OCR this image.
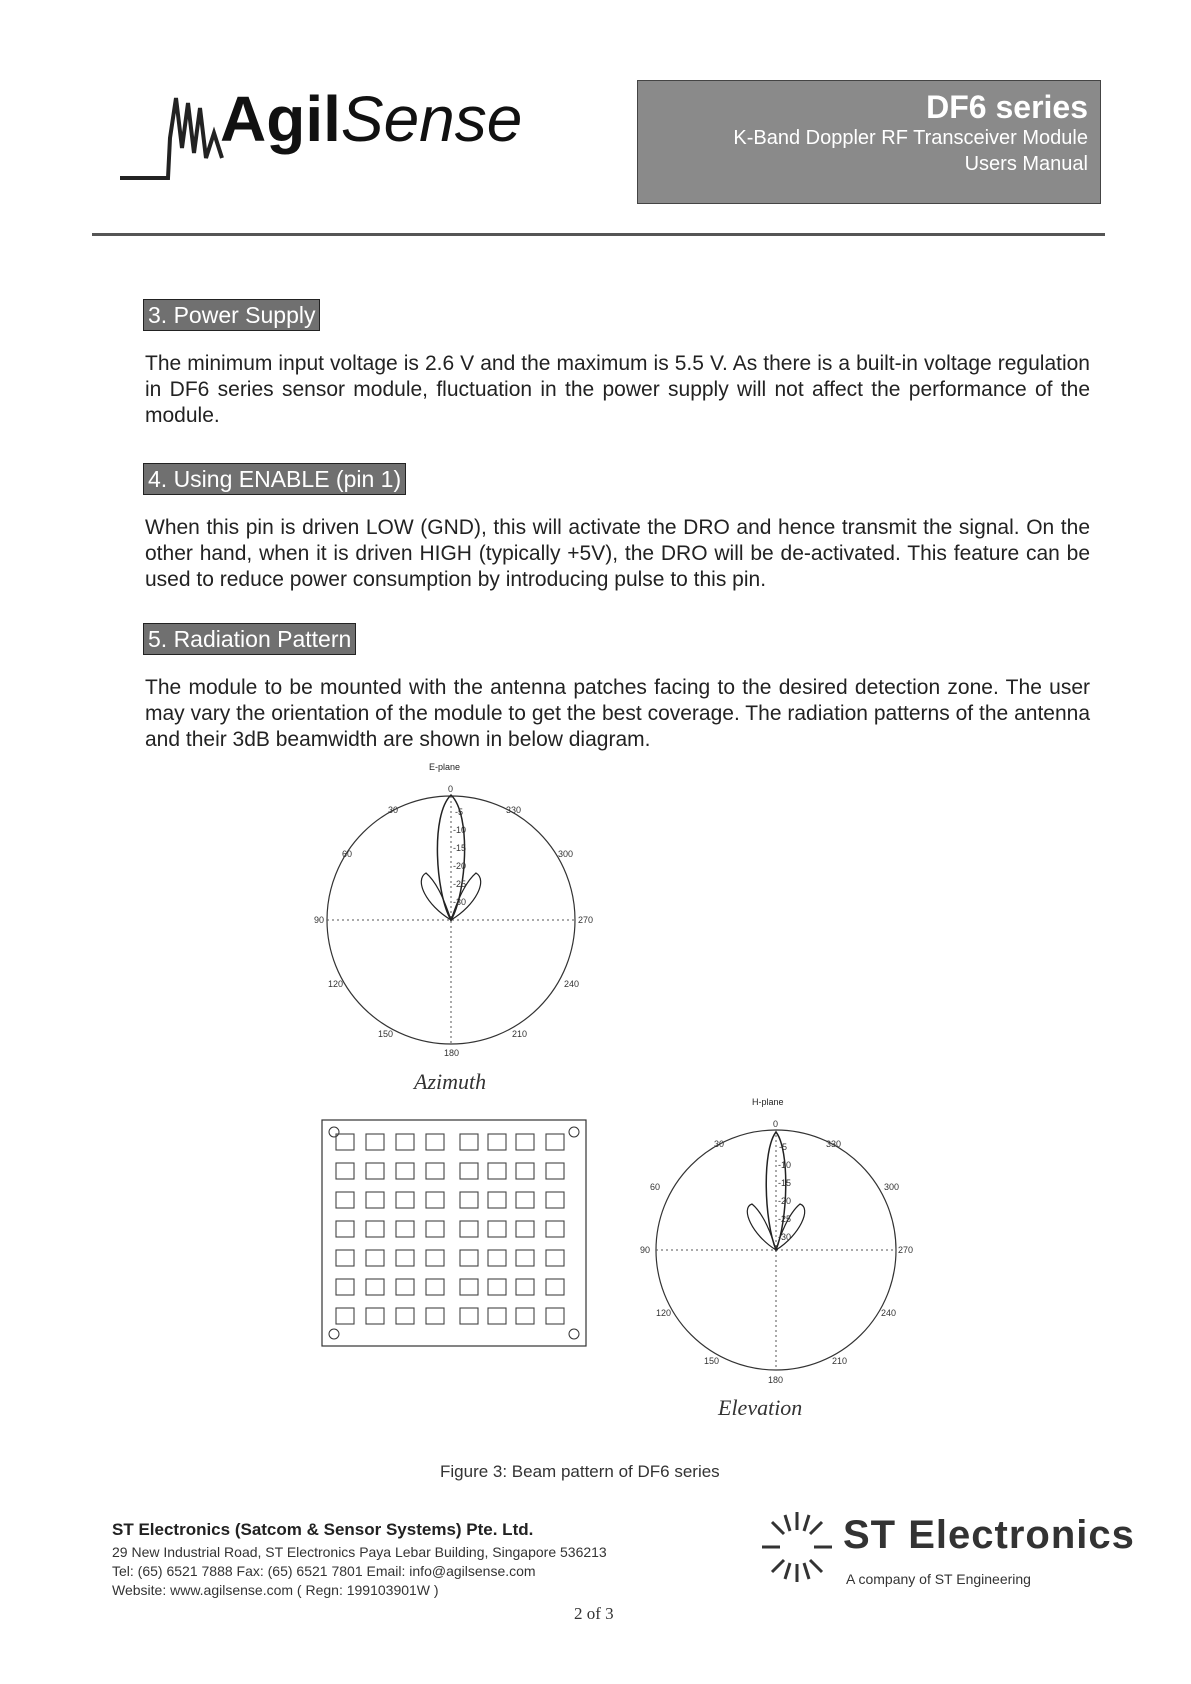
AgilSense	DF6 series
K-Band Doppler RF Transceiver Module
Users Manual
3. Power Supply
The minimum input voltage is 2.6 V and the maximum is 5.5 V. As there is a built-in voltage regulation in DF6 series sensor module, fluctuation in the power supply will not affect the performance of the module.
4. Using ENABLE (pin 1)
When this pin is driven LOW (GND), this will activate the DRO and hence transmit the signal. On the other hand, when it is driven HIGH (typically +5V), the DRO will be de-activated. This feature can be used to reduce power consumption by introducing pulse to this pin.
5. Radiation Pattern
The module to be mounted with the antenna patches facing to the desired detection zone. The user may vary the orientation of the module to get the best coverage. The radiation patterns of the antenna and their 3dB beamwidth are shown in below diagram.
E-plane
0
30	330
60	300
90	270
120	240
150	210
180
-5
-10
-15
-20
-25
-30
Azimuth
H-plane
0
30	330
60	300
90	270
120	240
150	210
180
-5
-10
-15
-20
-25
-30
Elevation
Figure 3: Beam pattern of DF6 series
ST Electronics (Satcom & Sensor Systems) Pte. Ltd.
29 New Industrial Road, ST Electronics Paya Lebar Building, Singapore 536213
Tel: (65) 6521 7888 Fax: (65) 6521 7801 Email: info@agilsense.com
Website: www.agilsense.com ( Regn: 199103901W )
ST Electronics
A company of ST Engineering
2 of 3
